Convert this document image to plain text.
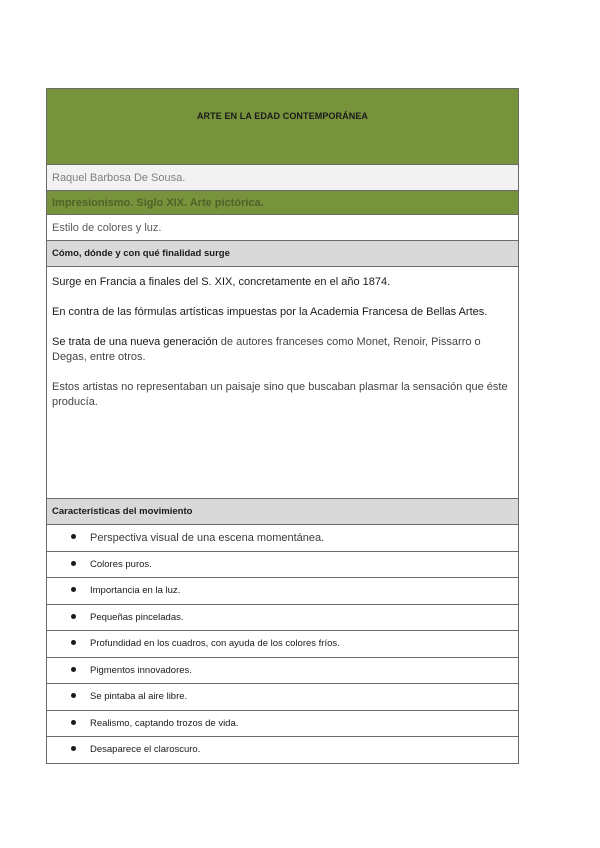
ARTE EN LA EDAD CONTEMPORÁNEA
Raquel Barbosa De Sousa.
Impresionismo. Siglo XIX. Arte pictórica.
Estilo de colores y luz.
Cómo, dónde y con qué finalidad surge

Surge en Francia a finales del S. XIX, concretamente en el año 1874.

En contra de las fórmulas artísticas impuestas por la Academia Francesa de Bellas Artes.

Se trata de una nueva generación de autores franceses como Monet, Renoir, Pissarro o Degas, entre otros.

Estos artistas no representaban un paisaje sino que buscaban plasmar la sensación que éste producía.

Características del movimiento
Perspectiva visual de una escena momentánea.
Colores puros.
Importancia en la luz.
Pequeñas pinceladas.
Profundidad en los cuadros, con ayuda de los colores fríos.
Pigmentos innovadores.
Se pintaba al aire libre.
Realismo, captando trozos de vida.
Desaparece el claroscuro.
